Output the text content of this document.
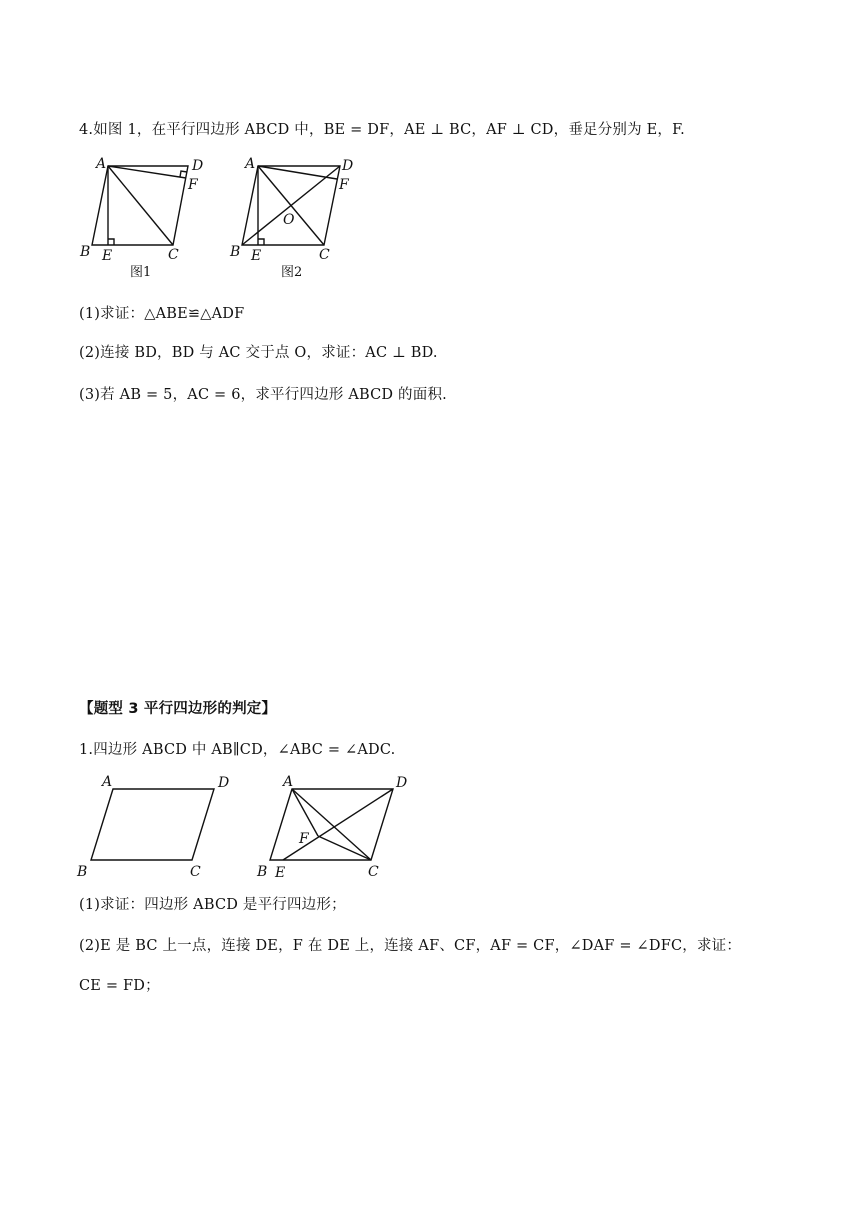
4.如图 1，在平行四边形 ABCD 中，BE = DF，AE ⊥ BC，AF ⊥ CD，垂足分别为 E，F.
A	D
F
B E	C
图1
A	D
F
O
B E	C
图2
(1)求证：△ABE≌△ADF
(2)连接 BD，BD 与 AC 交于点 O，求证：AC ⊥ BD.
(3)若 AB = 5，AC = 6，求平行四边形 ABCD 的面积.
【题型 3 平行四边形的判定】
1.四边形 ABCD 中 AB∥CD，∠ABC = ∠ADC.
A	D
B	C
A	D
F
B E	C
(1)求证：四边形 ABCD 是平行四边形；
(2)E 是 BC 上一点，连接 DE，F 在 DE 上，连接 AF、CF，AF = CF，∠DAF = ∠DFC，求证：
CE = FD；
